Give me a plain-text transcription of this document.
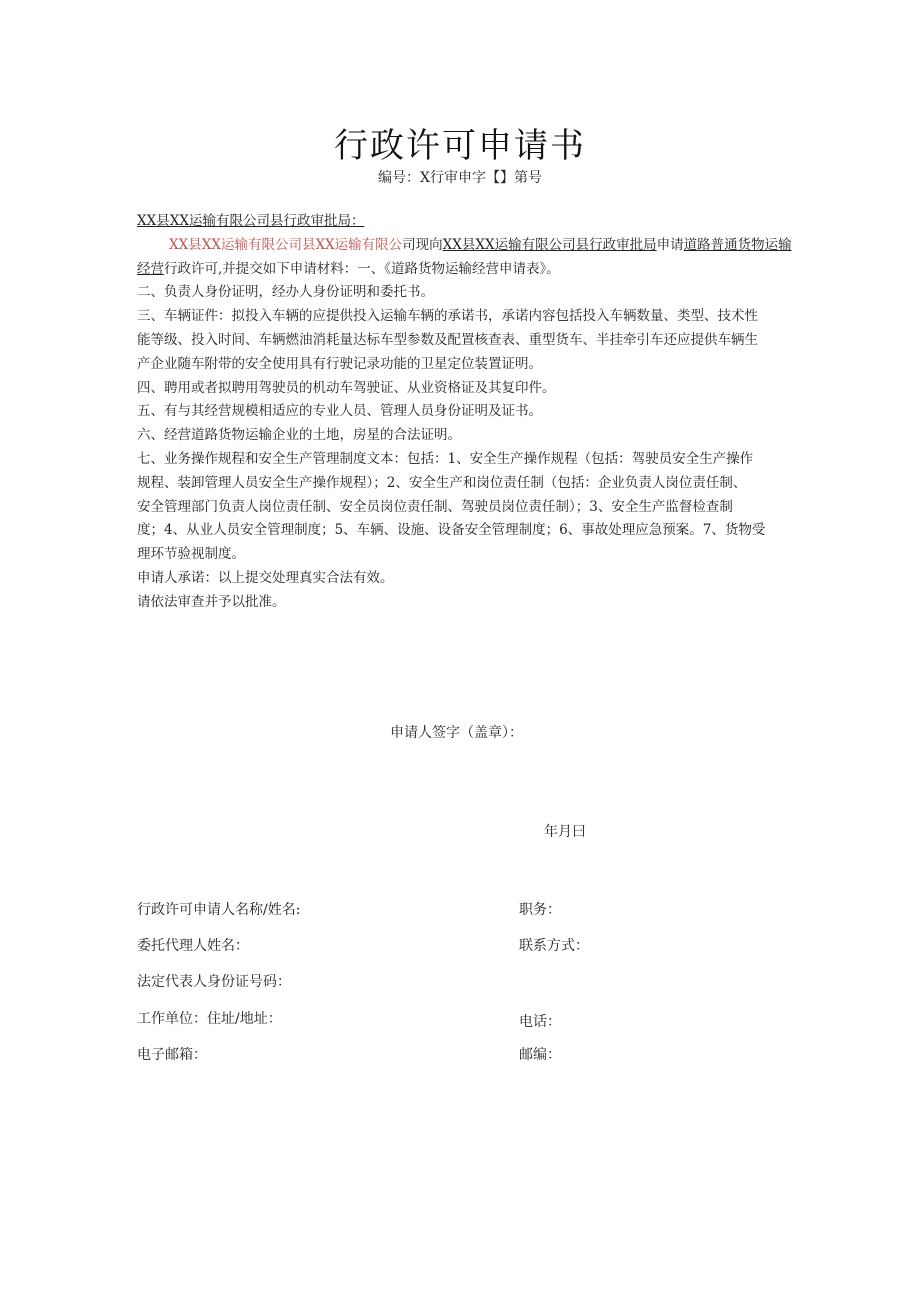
行政许可申请书
编号：X行审申字【】第号
XX县XX运输有限公司县行政审批局：
XX县XX运输有限公司县XX运输有限公司现向XX县XX运输有限公司县行政审批局申请道路普通货物运输
经营行政许可,并提交如下申请材料：一、《道路货物运输经营申请表》。
二、负责人身份证明，经办人身份证明和委托书。
三、车辆证件：拟投入车辆的应提供投入运输车辆的承诺书，承诺内容包括投入车辆数量、类型、技术性
能等级、投入时间、车辆燃油消耗量达标车型参数及配置核查表、重型货车、半挂牵引车还应提供车辆生
产企业随车附带的安全使用具有行驶记录功能的卫星定位装置证明。
四、聘用或者拟聘用驾驶员的机动车驾驶证、从业资格证及其复印件。
五、有与其经营规模相适应的专业人员、管理人员身份证明及证书。
六、经营道路货物运输企业的土地，房星的合法证明。
七、业务操作规程和安全生产管理制度文本：包括：1、安全生产操作规程（包括：驾驶员安全生产操作
规程、装卸管理人员安全生产操作规程）；2、安全生产和岗位责任制（包括：企业负责人岗位责任制、
安全管理部门负责人岗位责任制、安全员岗位责任制、驾驶员岗位责任制）；3、安全生产监督检查制
度；4、从业人员安全管理制度；5、车辆、设施、设备安全管理制度；6、事故处理应急预案。7、货物受
理环节验视制度。
申请人承诺：以上提交处理真实合法有效。
请依法审查并予以批准。
申请人签字（盖章）：
年月曰
行政许可申请人名称/姓名:	职务：
委托代理人姓名：	联系方式：
法定代表人身份证号码：
工作单位：住址/地址：	电话：
电子邮箱：	邮编：
